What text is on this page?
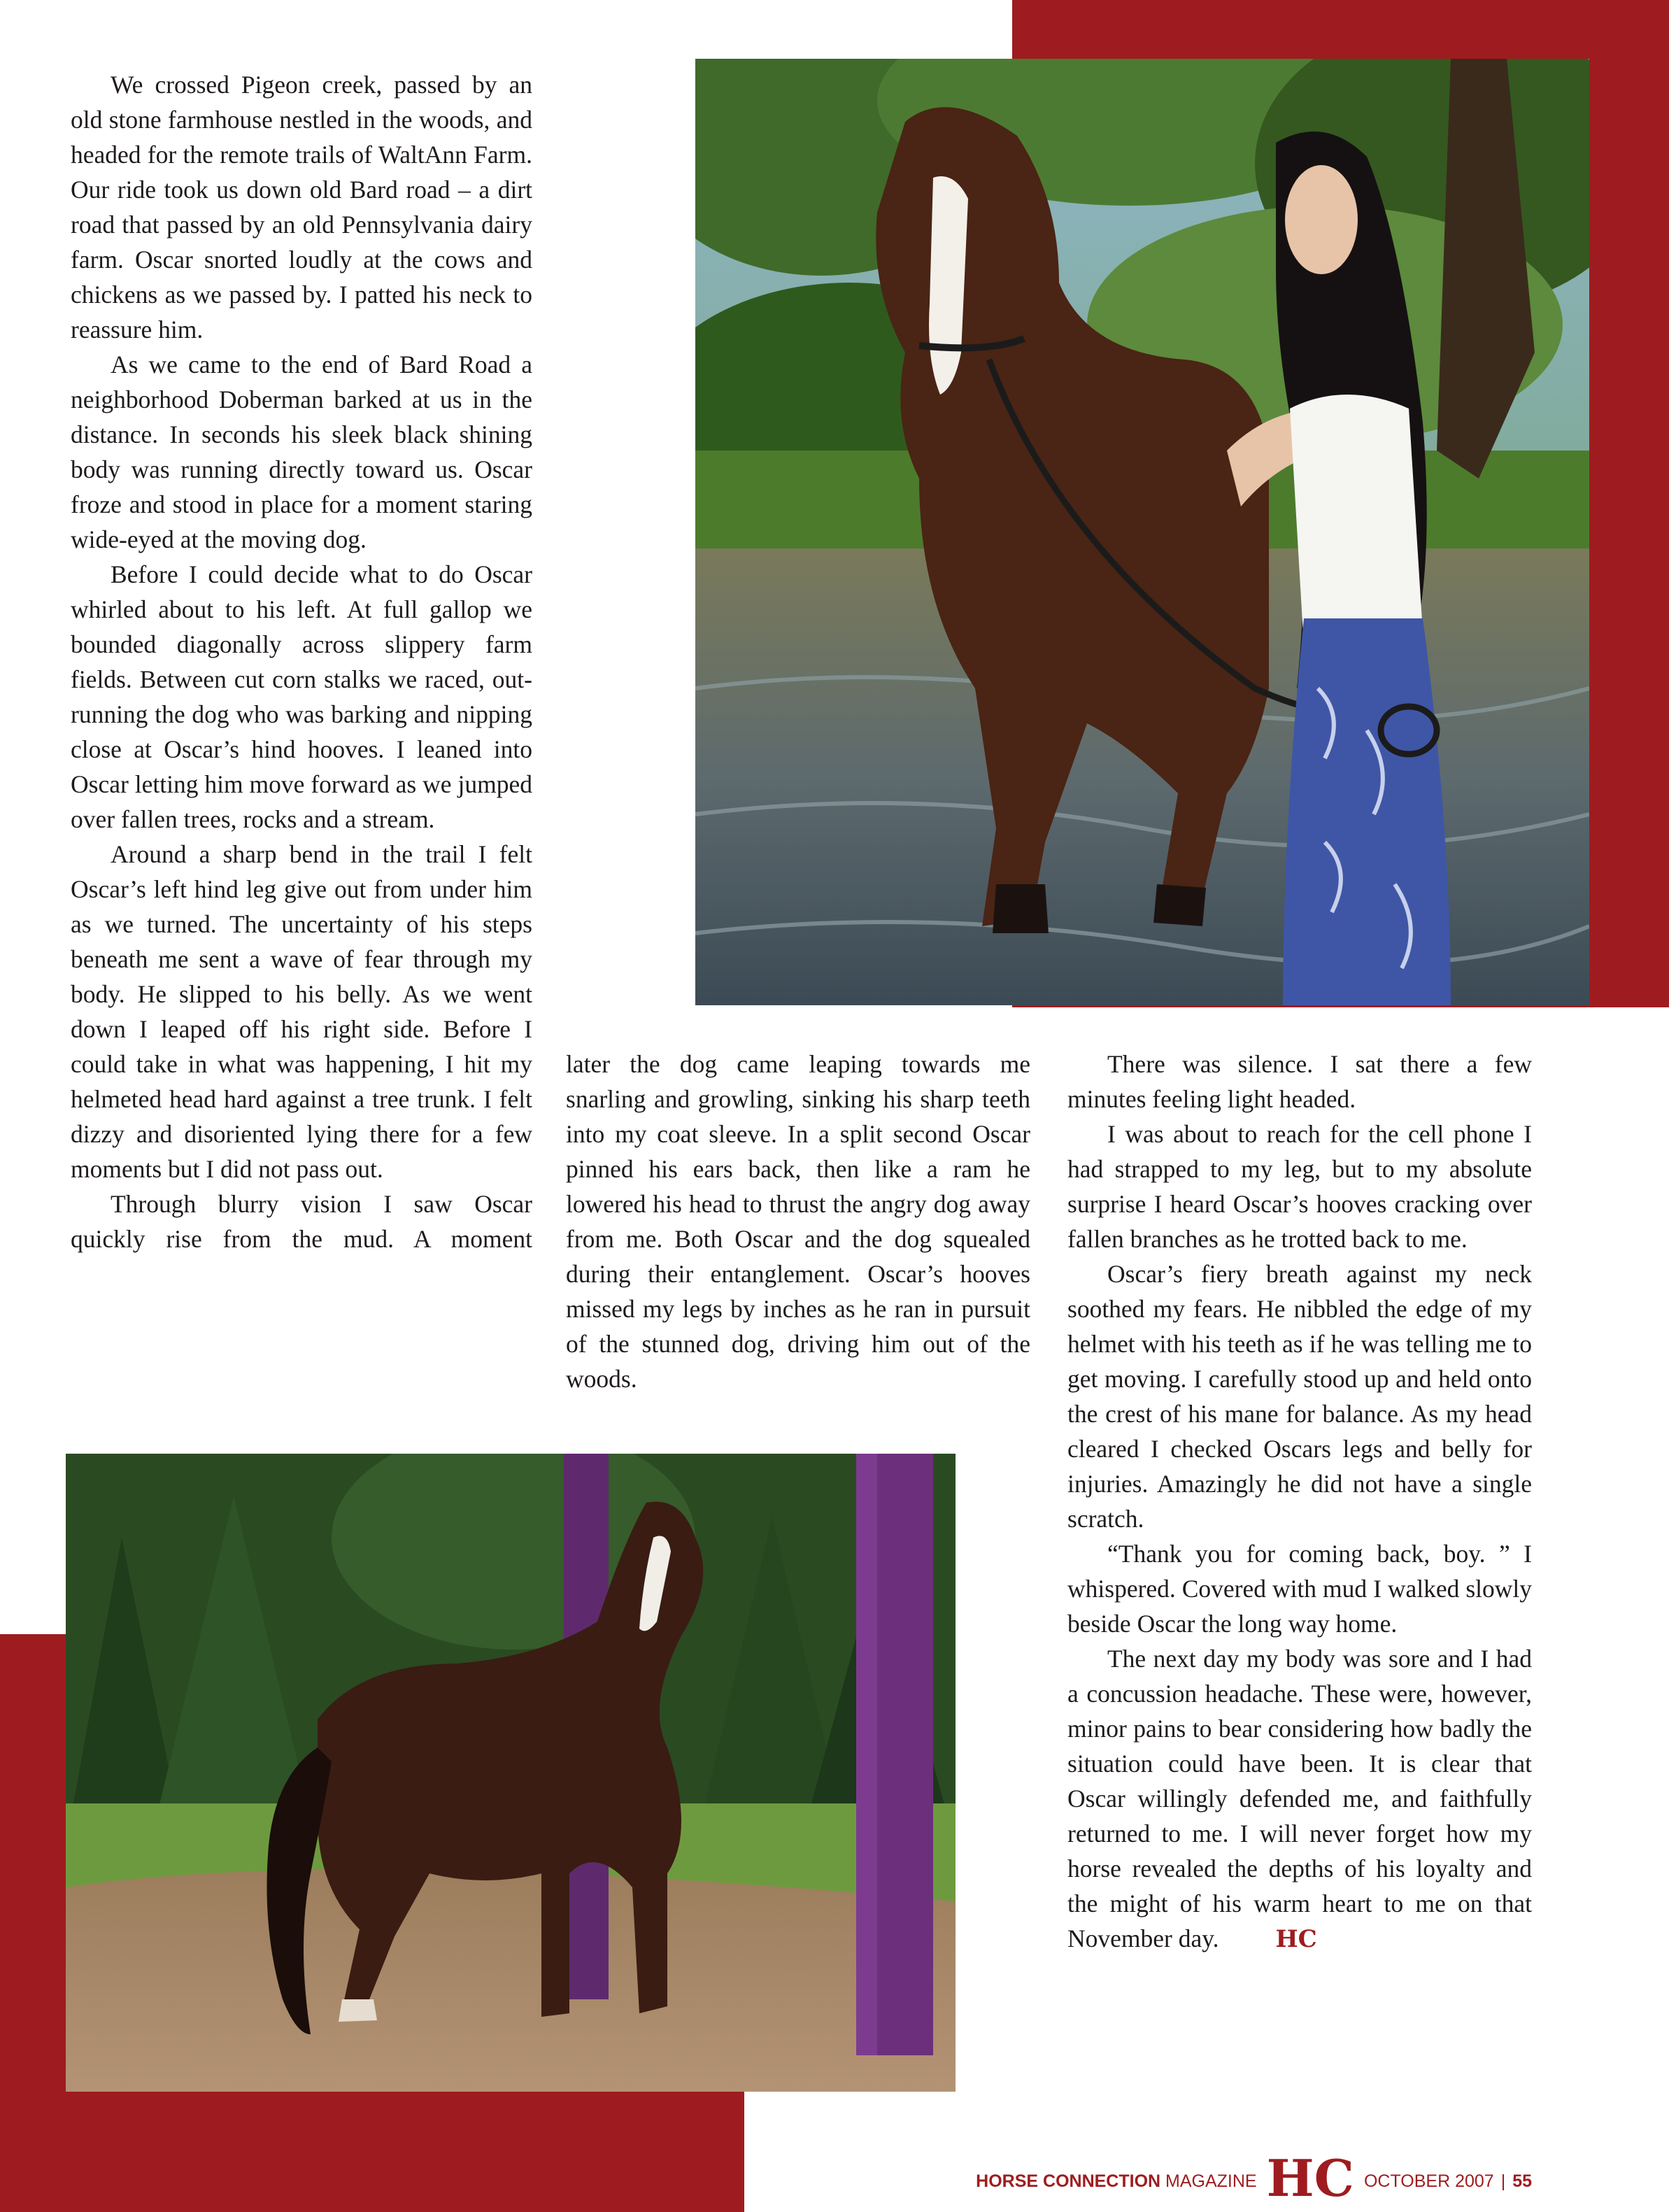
We crossed Pigeon creek, passed by an old stone farmhouse nestled in the woods, and headed for the remote trails of WaltAnn Farm. Our ride took us down old Bard road – a dirt road that passed by an old Pennsylvania dairy farm. Oscar snorted loudly at the cows and chickens as we passed by. I patted his neck to reassure him.

As we came to the end of Bard Road a neighborhood Doberman barked at us in the distance. In seconds his sleek black shining body was running directly toward us. Oscar froze and stood in place for a moment staring wide-eyed at the moving dog.

Before I could decide what to do Oscar whirled about to his left. At full gallop we bounded diagonally across slippery farm fields. Between cut corn stalks we raced, out- running the dog who was barking and nipping close at Oscar’s hind hooves. I leaned into Oscar letting him move forward as we jumped over fallen trees, rocks and a stream.

Around a sharp bend in the trail I felt Oscar’s left hind leg give out from under him as we turned. The uncertainty of his steps beneath me sent a wave of fear through my body. He slipped to his belly. As we went down I leaped off his right side. Before I could take in what was happening, I hit my helmeted head hard against a tree trunk. I felt dizzy and disoriented lying there for a few moments but I did not pass out.

Through blurry vision I saw Oscar quickly rise from the mud. A moment

later the dog came leaping towards me snarling and growling, sinking his sharp teeth into my coat sleeve. In a split second Oscar pinned his ears back, then like a ram he lowered his head to thrust the angry dog away from me. Both Oscar and the dog squealed during their entanglement. Oscar’s hooves missed my legs by inches as he ran in pursuit of the stunned dog, driving him out of the woods.

There was silence. I sat there a few minutes feeling light headed.

I was about to reach for the cell phone I had strapped to my leg, but to my absolute surprise I heard Oscar’s hooves cracking over fallen branches as he trotted back to me.

Oscar’s fiery breath against my neck soothed my fears. He nibbled the edge of my helmet with his teeth as if he was telling me to get moving. I carefully stood up and held onto the crest of his mane for balance. As my head cleared I checked Oscars legs and belly for injuries. Amazingly he did not have a single scratch.

“Thank you for coming back, boy. ” I whispered. Covered with mud I walked slowly beside Oscar the long way home.

The next day my body was sore and I had a concussion headache. These were, however, minor pains to bear considering how badly the situation could have been. It is clear that Oscar willingly defended me, and faithfully returned to me. I will never forget how my horse revealed the depths of his loyalty and the might of his warm heart to me on that November day. HC

HORSE CONNECTION
MAGAZINE HC OCTOBER 2007 | 55
